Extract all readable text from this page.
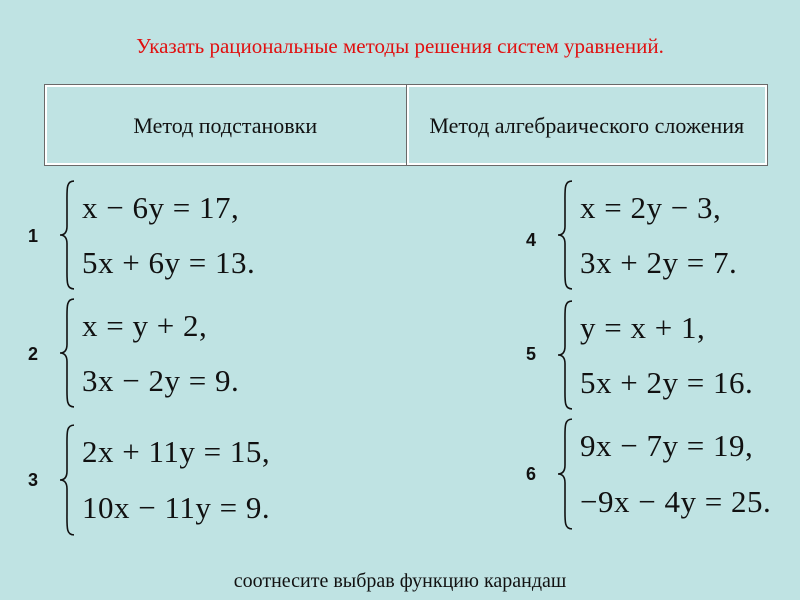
Указать рациональные методы решения систем уравнений.
Метод подстановки	Метод алгебраического сложения
1
x − 6y = 17,
5x + 6y = 13.
2
x = y + 2,
3x − 2y = 9.
3
2x + 11y = 15,
10x − 11y = 9.
4
x = 2y − 3,
3x + 2y = 7.
5
y = x + 1,
5x + 2y = 16.
6
9x − 7y = 19,
−9x − 4y = 25.
соотнесите выбрав функцию карандаш
